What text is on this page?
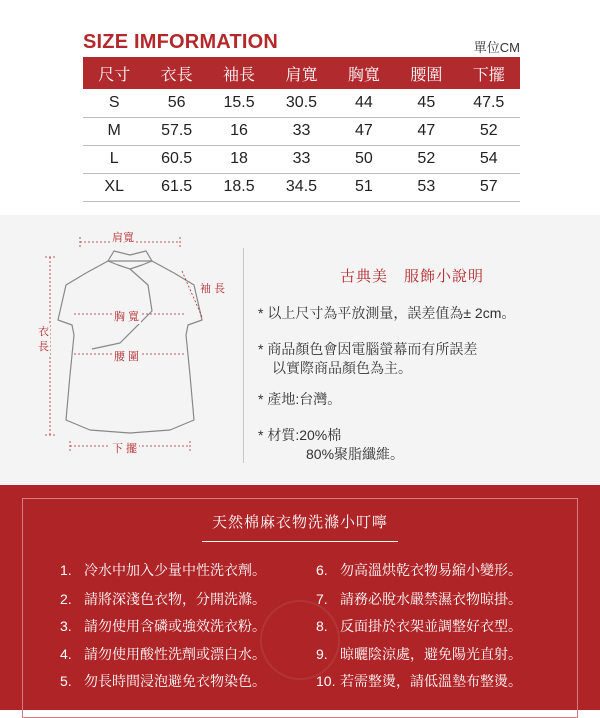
SIZE IMFORMATION	單位CM
尺寸	衣長	袖長	肩寬	胸寬	腰圍	下擺
S	56	15.5	30.5	44	45	47.5
M	57.5	16	33	47	47	52
L	60.5	18	33	50	52	54
XL	61.5	18.5	34.5	51	53	57
肩寬
袖 長
衣長
胸 寬
腰 圍
下 擺
古典美　服飾小說明
* 以上尺寸為平放測量，誤差值為± 2cm。
* 商品顏色會因電腦螢幕而有所誤差
以實際商品顏色為主。
* 產地:台灣。
* 材質:20%棉
80%聚脂纖維。
天然棉麻衣物洗滌小叮嚀
1. 冷水中加入少量中性洗衣劑。
2. 請將深淺色衣物，分開洗滌。
3. 請勿使用含磷或強效洗衣粉。
4. 請勿使用酸性洗劑或漂白水。
5. 勿長時間浸泡避免衣物染色。
6. 勿高溫烘乾衣物易縮小變形。
7. 請務必脫水嚴禁濕衣物晾掛。
8. 反面掛於衣架並調整好衣型。
9. 晾曬陰涼處，避免陽光直射。
10. 若需整燙，請低溫墊布整燙。
